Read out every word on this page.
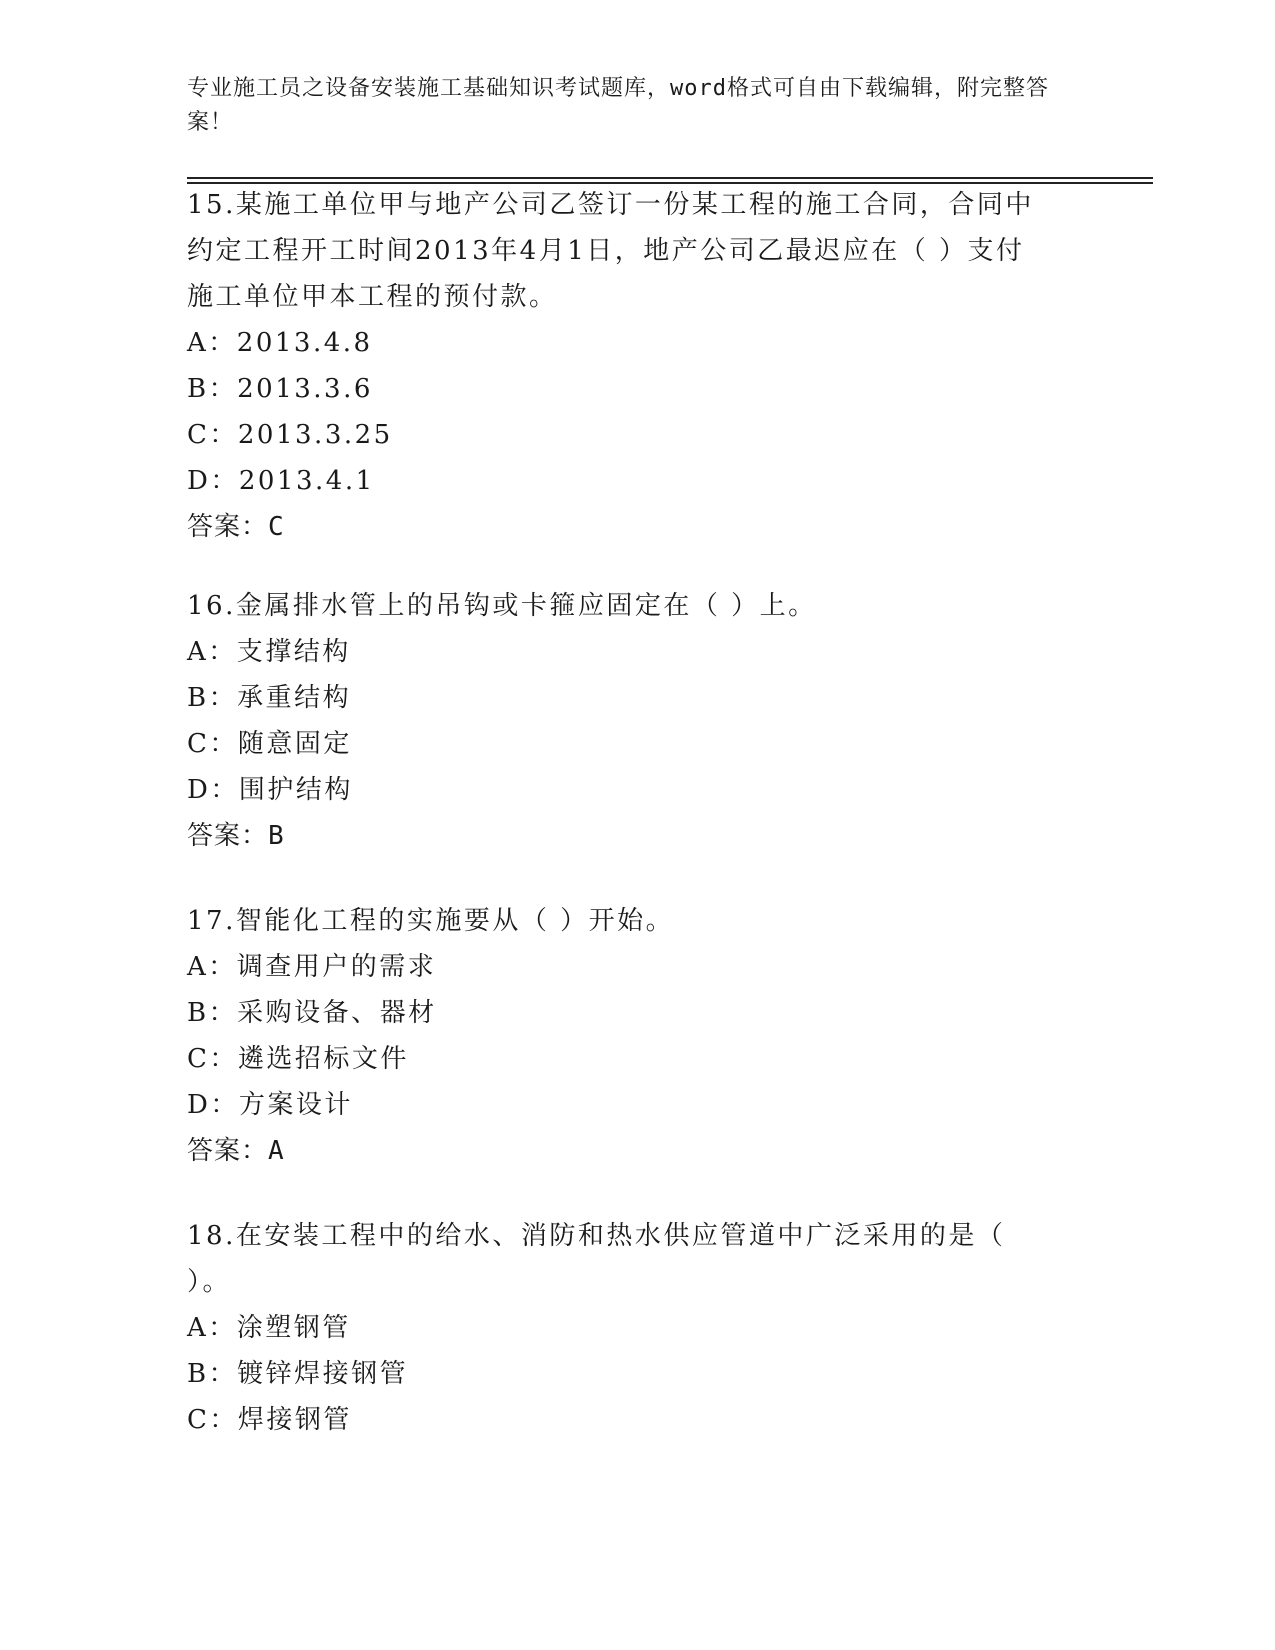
专业施工员之设备安装施工基础知识考试题库，word格式可自由下载编辑，附完整答案！

15.某施工单位甲与地产公司乙签订一份某工程的施工合同，合同中约定工程开工时间2013年4月1日，地产公司乙最迟应在（ ）支付施工单位甲本工程的预付款。

A：2013.4.8

B：2013.3.6

C：2013.3.25

D：2013.4.1

答案：C

16.金属排水管上的吊钩或卡箍应固定在（ ）上。

A：支撑结构

B：承重结构

C：随意固定

D：围护结构

答案：B

17.智能化工程的实施要从（ ）开始。

A：调查用户的需求

B：采购设备、器材

C：遴选招标文件

D：方案设计

答案：A

18.在安装工程中的给水、消防和热水供应管道中广泛采用的是（ ）。

A：涂塑钢管

B：镀锌焊接钢管

C：焊接钢管
